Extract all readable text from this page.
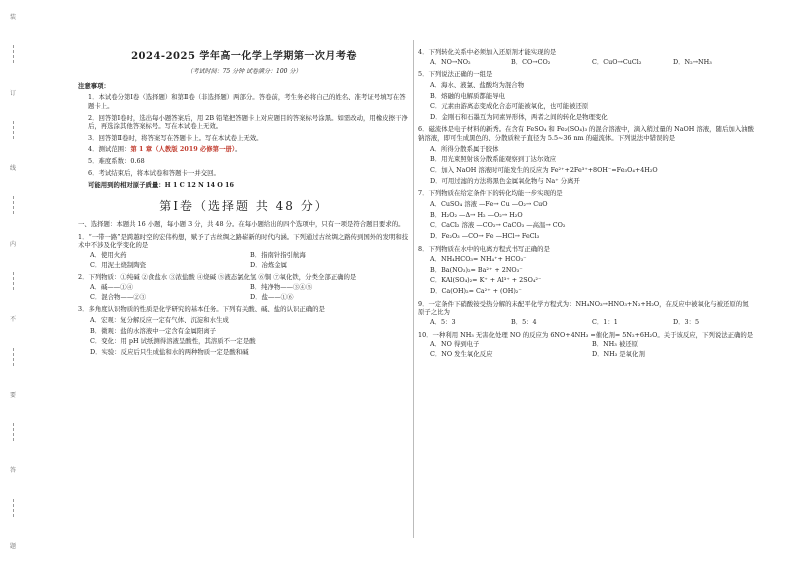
装
订
线
内
不
要
答
题
2024-2025 学年高一化学上学期第一次月考卷
（考试时间：75 分钟 试卷满分：100 分）
注意事项：
1．本试卷分第Ⅰ卷（选择题）和第Ⅱ卷（非选择题）两部分。答卷前，考生务必将自己的姓名、准考证号填写在答题卡上。
2．回答第Ⅰ卷时，选出每小题答案后，用 2B 铅笔把答题卡上对应题目的答案标号涂黑。如需改动，用橡皮擦干净后，再选涂其他答案标号。写在本试卷上无效。
3．回答第Ⅱ卷时，将答案写在答题卡上。写在本试卷上无效。
4．测试范围：第 1 章（人教版 2019 必修第一册）。
5．难度系数：0.68
6．考试结束后，将本试卷和答题卡一并交回。
可能用到的相对原子质量：H 1 C 12 N 14 O 16
第Ⅰ卷（选择题 共 48 分）
一、选择题：本题共 16 小题，每小题 3 分，共 48 分。在每小题给出的四个选项中，只有一项是符合题目要求的。
1．“一带一路”是跨越时空的宏伟构想，赋予了古丝绸之路崭新的时代内涵。下列通过古丝绸之路传到国外的发明和技术中不涉及化学变化的是
A．使用火药	B．指南针指引航海
C．用泥土烧制陶瓷	D．冶炼金属
2．下列物质：①纯碱 ②食盐水 ③浓盐酸 ④烧碱 ⑤液态氯化氢 ⑥铜 ⑦氧化铁，分类全部正确的是
A．碱——①④	B．纯净物——③④⑤
C．混合物——②③	D．盐——①⑥
3．多角度认识物质的性质是化学研究的基本任务。下列有关酸、碱、盐的认识正确的是
A．宏观：复分解反应一定有气体、沉淀和水生成
B．微观：盐的水溶液中一定含有金属阳离子
C．变化：用 pH 试纸测得溶液呈酸性，其溶质不一定是酸
D．实验：反应后只生成盐和水的两种物质一定是酸和碱
4．下列转化关系中必须加入还原剂才能实现的是
A．NO→NO₂	B．CO→CO₂	C．CuO→CuCl₂	D．N₂→NH₃
5．下列说法正确的一组是
A．海水、液氯、盐酸均为混合物
B．熔融的电解质都能导电
C．元素由游离态变成化合态可能被氧化，也可能被还原
D．金刚石和石墨互为同素异形体，两者之间的转化是物理变化
6．磁流体是电子材料的新秀。在含有 FeSO₄ 和 Fe₂(SO₄)₃ 的混合溶液中，滴入稍过量的 NaOH 溶液，随后加入油酸钠溶液，即可生成黑色的、分散质粒子直径为 5.5~36 nm 的磁流体。下列说法中错误的是
A．所得分散系属于胶体
B．用光束照射该分散系能观察到丁达尔效应
C．加入 NaOH 溶液时可能发生的反应为 Fe²⁺+2Fe³⁺+8OH⁻=Fe₃O₄+4H₂O
D．可用过滤的方法将黑色金属氧化物与 Na⁺ 分离开
7．下列物质在给定条件下的转化均能一步实现的是
A．CuSO₄ 溶液 —Fe→ Cu —O₂→ CuO
B．H₂O₂ —Δ→ H₂ —O₂→ H₂O
C．CaCl₂ 溶液 —CO₂→ CaCO₃ —高温→ CO₂
D．Fe₂O₃ —CO→ Fe —HCl→ FeCl₃
8．下列物质在水中的电离方程式书写正确的是
A．NH₄HCO₃= NH₄⁺+ HCO₃⁻
B．Ba(NO₃)₂= Ba²⁺ + 2NO₃⁻
C．KAl(SO₄)₂= K⁺ + Al³⁺ + 2SO₄²⁻
D．Ca(OH)₂= Ca²⁺ + (OH)₂⁻
9．一定条件下硝酸铵受热分解的未配平化学方程式为：NH₄NO₃→HNO₃+N₂+H₂O，在反应中被氧化与被还原的氮原子之比为
A．5：3	B．5：4	C．1：1	D．3：5
10．一种利用 NH₃ 无害化处理 NO 的反应为 6NO+4NH₃ =催化剂= 5N₂+6H₂O。关于该反应，下列说法正确的是
A．NO 得到电子	B．NH₃ 被还原
C．NO 发生氧化反应	D．NH₃ 是氧化剂
